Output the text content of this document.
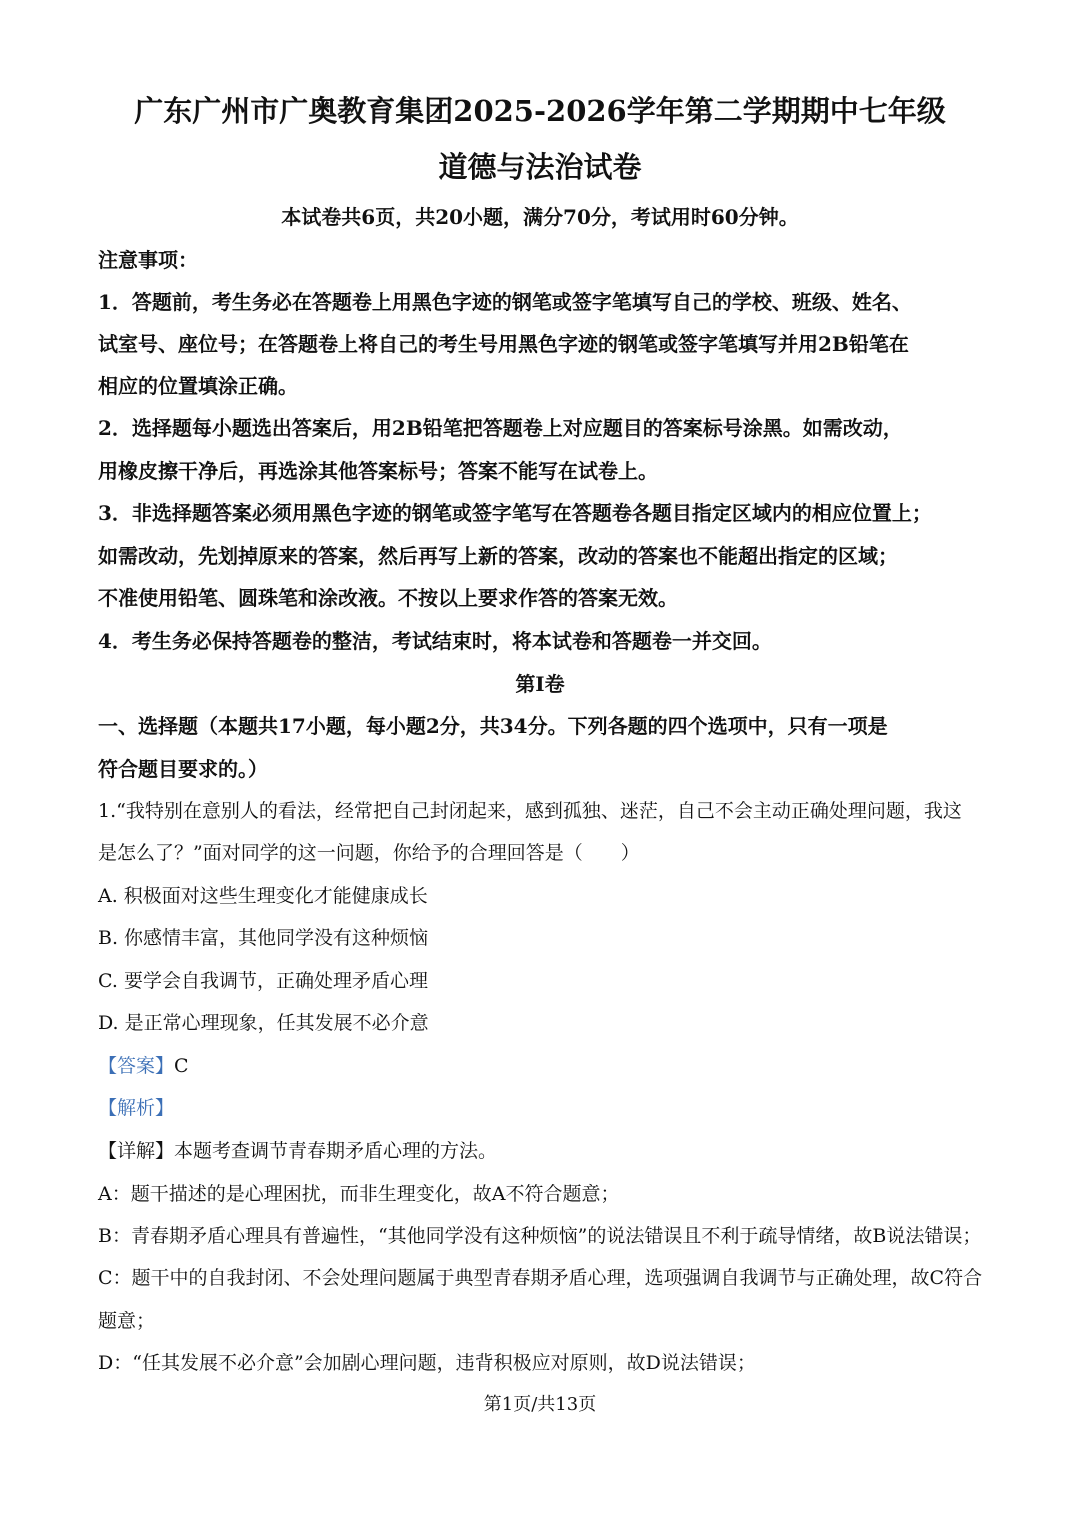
广东广州市广奥教育集团2025-2026学年第二学期期中七年级
道德与法治试卷
本试卷共6页，共20小题，满分70分，考试用时60分钟。
注意事项：
1．答题前，考生务必在答题卷上用黑色字迹的钢笔或签字笔填写自己的学校、班级、姓名、
试室号、座位号；在答题卷上将自己的考生号用黑色字迹的钢笔或签字笔填写并用2B铅笔在
相应的位置填涂正确。
2．选择题每小题选出答案后，用2B铅笔把答题卷上对应题目的答案标号涂黑。如需改动，
用橡皮擦干净后，再选涂其他答案标号；答案不能写在试卷上。
3．非选择题答案必须用黑色字迹的钢笔或签字笔写在答题卷各题目指定区域内的相应位置上；
如需改动，先划掉原来的答案，然后再写上新的答案，改动的答案也不能超出指定的区域；
不准使用铅笔、圆珠笔和涂改液。不按以上要求作答的答案无效。
4．考生务必保持答题卷的整洁，考试结束时，将本试卷和答题卷一并交回。
第I卷
一、选择题（本题共17小题，每小题2分，共34分。下列各题的四个选项中，只有一项是
符合题目要求的。）
1.“我特别在意别人的看法，经常把自己封闭起来，感到孤独、迷茫，自己不会主动正确处理问题，我这
是怎么了？”面对同学的这一问题，你给予的合理回答是（　　）
A. 积极面对这些生理变化才能健康成长
B. 你感情丰富，其他同学没有这种烦恼
C. 要学会自我调节，正确处理矛盾心理
D. 是正常心理现象，任其发展不必介意
【答案】C
【解析】
【详解】本题考查调节青春期矛盾心理的方法。
A：题干描述的是心理困扰，而非生理变化，故A不符合题意；
B：青春期矛盾心理具有普遍性，“其他同学没有这种烦恼”的说法错误且不利于疏导情绪，故B说法错误；
C：题干中的自我封闭、不会处理问题属于典型青春期矛盾心理，选项强调自我调节与正确处理，故C符合
题意；
D：“任其发展不必介意”会加剧心理问题，违背积极应对原则，故D说法错误；
第1页/共13页
